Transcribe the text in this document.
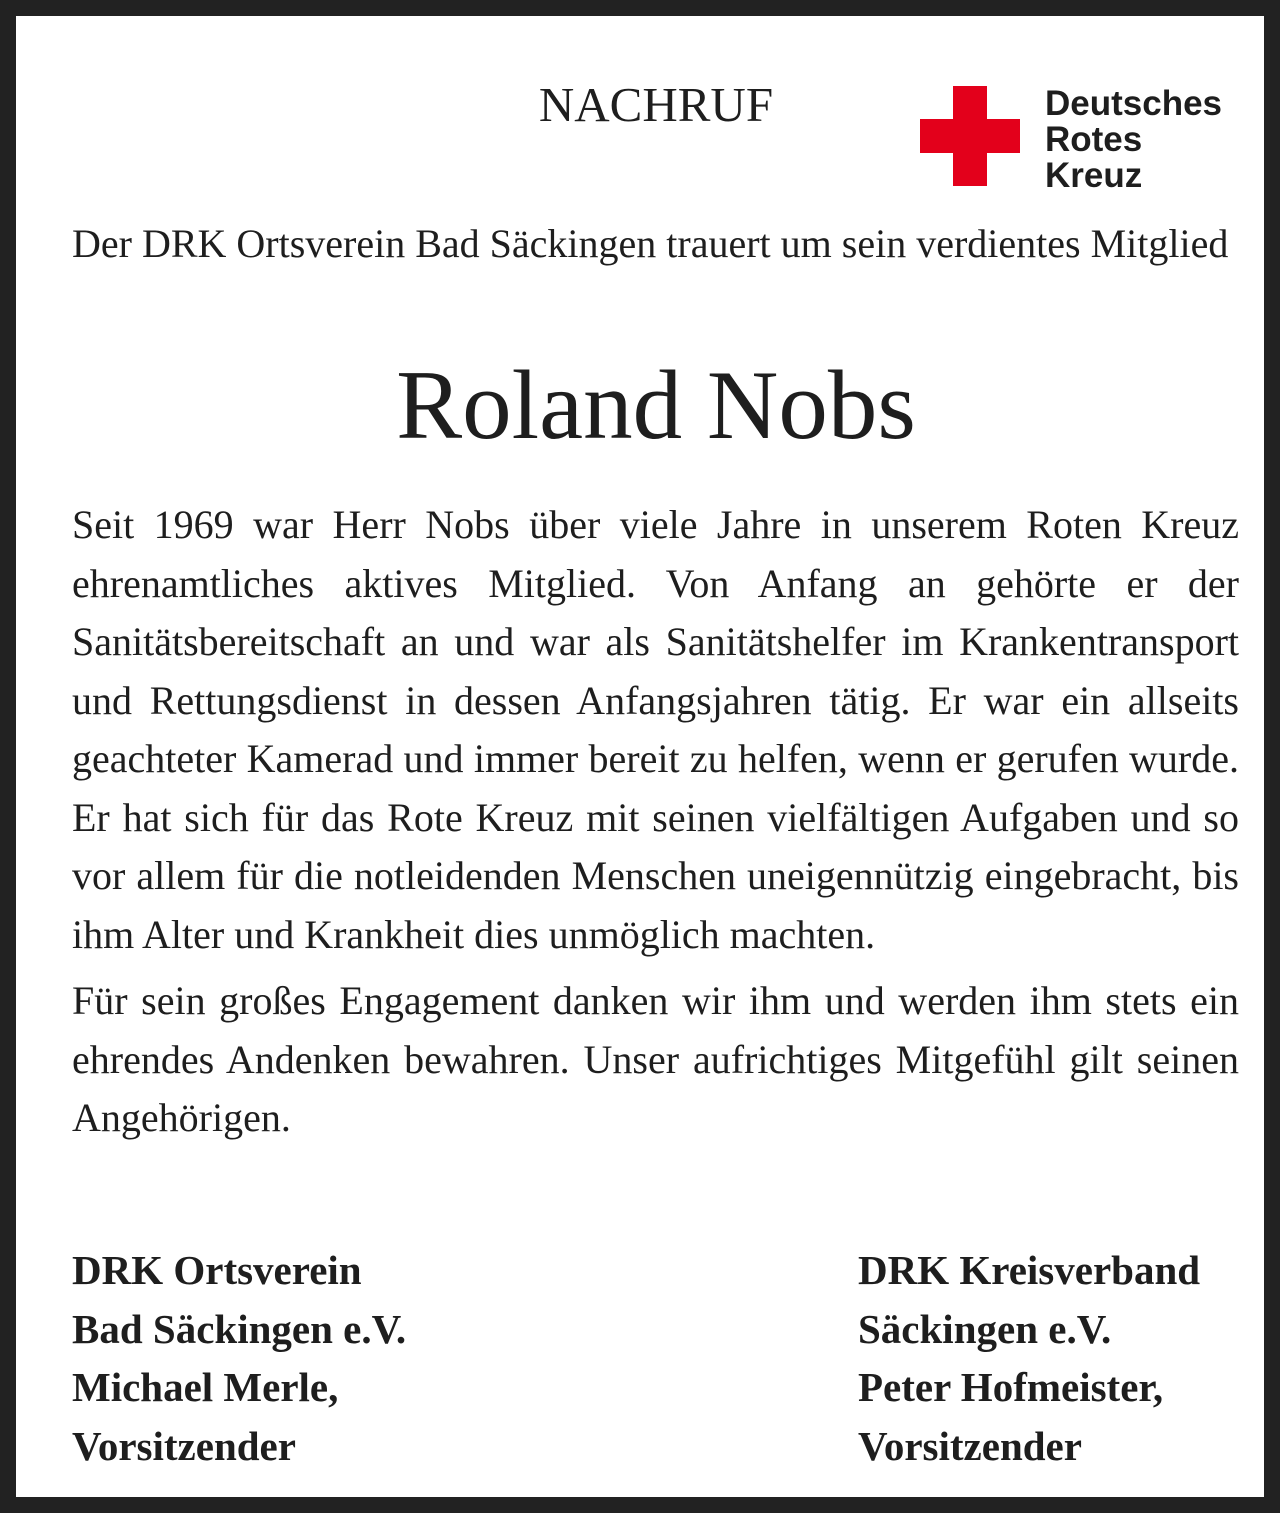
NACHRUF	Deutsches
Rotes
Kreuz
Der DRK Ortsverein Bad Säckingen trauert um sein verdientes Mitglied
Roland Nobs

Seit 1969 war Herr Nobs über viele Jahre in unserem Roten Kreuz ehrenamtliches aktives Mitglied. Von Anfang an gehörte er der Sanitätsbereitschaft an und war als Sanitätshelfer im Krankentransport und Rettungsdienst in dessen Anfangsjahren tätig. Er war ein allseits geachteter Kamerad und immer bereit zu helfen, wenn er gerufen wurde. Er hat sich für das Rote Kreuz mit seinen vielfältigen Aufgaben und so vor allem für die notleidenden Menschen uneigennützig eingebracht, bis ihm Alter und Krankheit dies unmöglich machten.

Für sein großes Engagement danken wir ihm und werden ihm stets ein ehrendes Andenken bewahren. Unser aufrichtiges Mitgefühl gilt seinen Angehörigen.

DRK Ortsverein
Bad Säckingen e.V.
Michael Merle,
Vorsitzender
DRK Kreisverband
Säckingen e.V.
Peter Hofmeister,
Vorsitzender
